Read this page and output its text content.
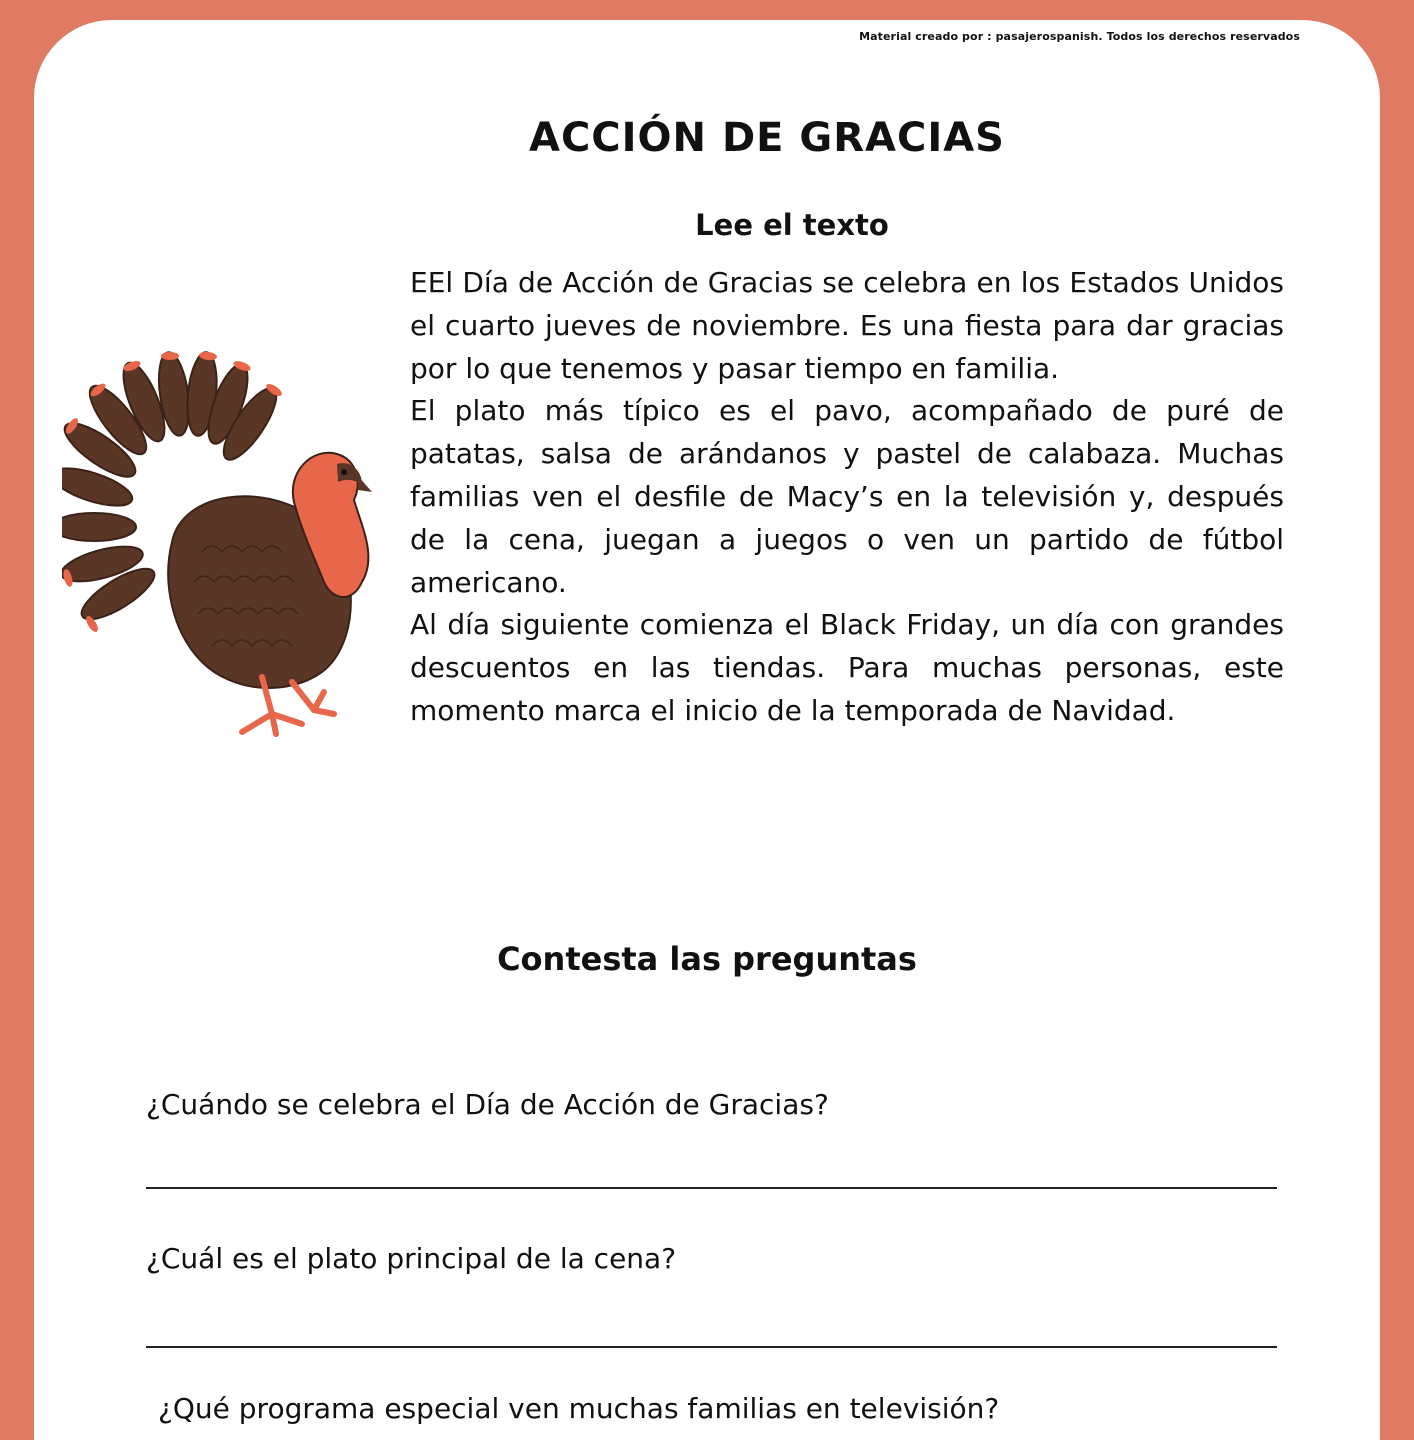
Material creado por : pasajerospanish. Todos los derechos reservados
ACCIÓN DE GRACIAS
Lee el texto

EEl Día de Acción de Gracias se celebra en los Estados Unidos el cuarto jueves de noviembre. Es una fiesta para dar gracias por lo que tenemos y pasar tiempo en familia.

El plato más típico es el pavo, acompañado de puré de patatas, salsa de arándanos y pastel de calabaza. Muchas familias ven el desfile de Macy’s en la televisión y, después de la cena, juegan a juegos o ven un partido de fútbol americano.

Al día siguiente comienza el Black Friday, un día con grandes descuentos en las tiendas. Para muchas personas, este momento marca el inicio de la temporada de Navidad.

Contesta las preguntas
¿Cuándo se celebra el Día de Acción de Gracias?
¿Cuál es el plato principal de la cena?
¿Qué programa especial ven muchas familias en televisión?
